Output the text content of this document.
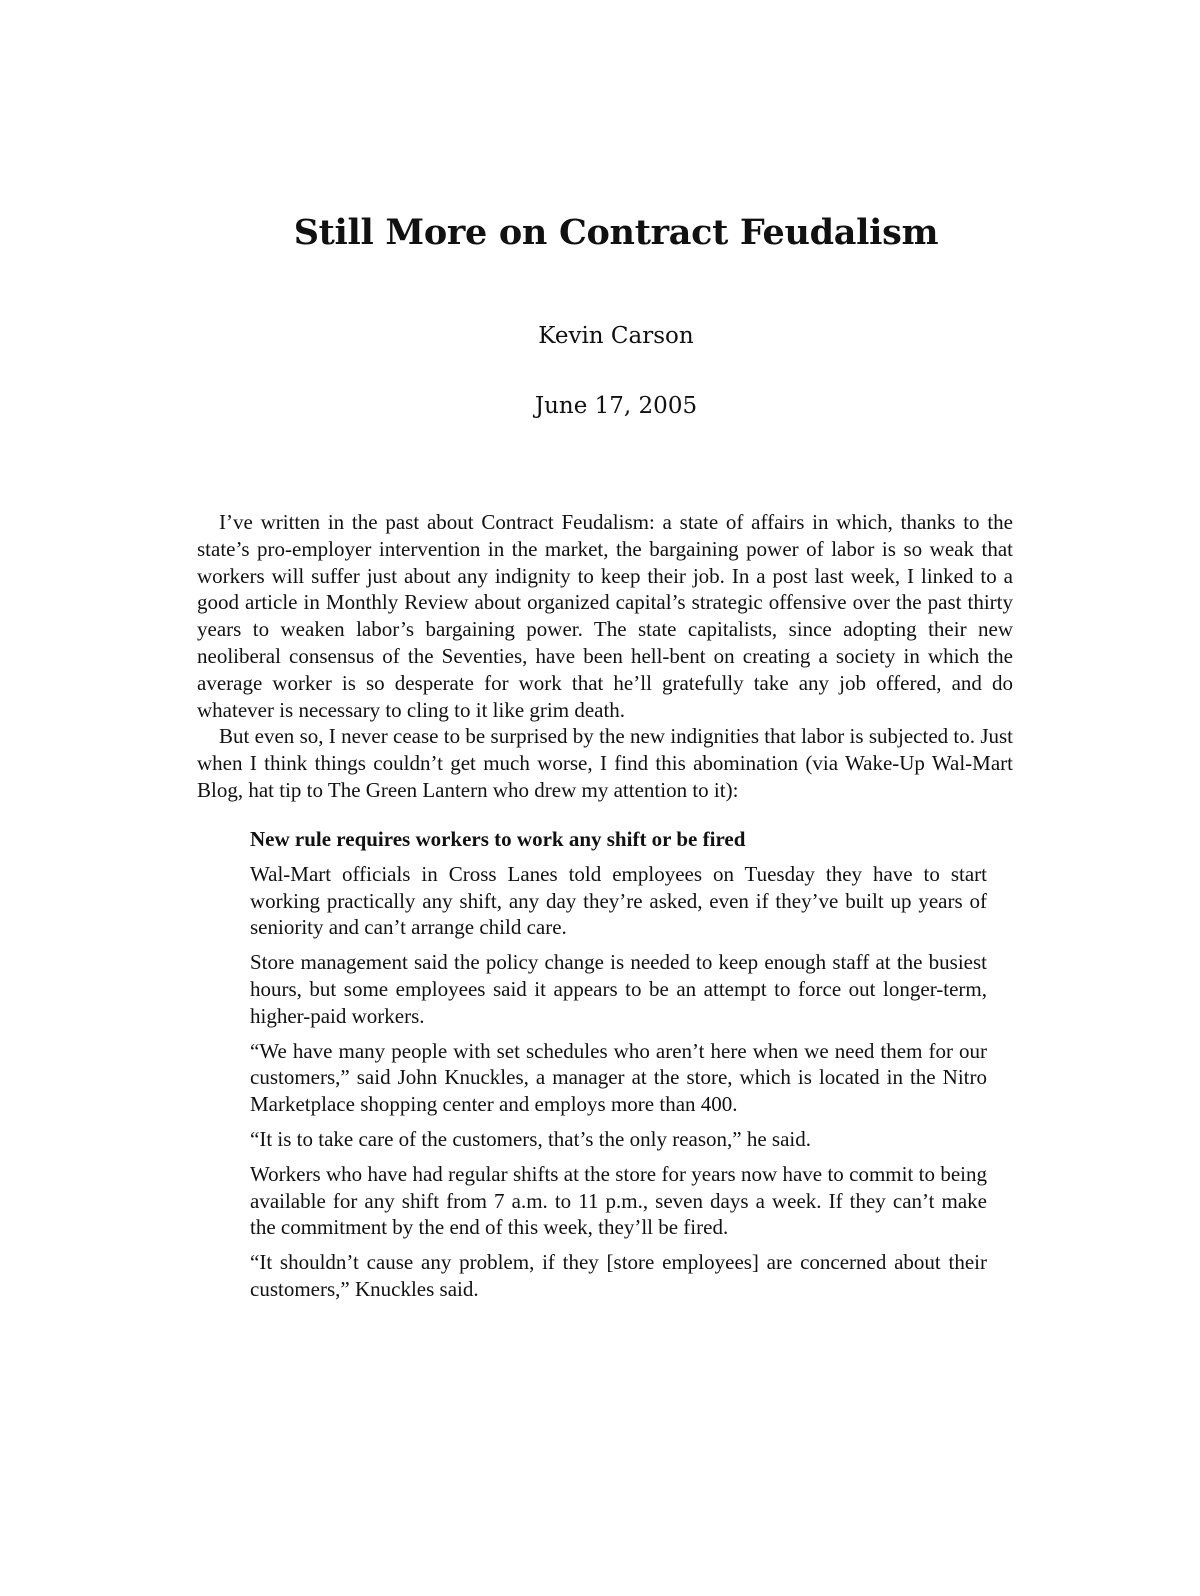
Still More on Contract Feudalism
Kevin Carson
June 17, 2005

I’ve written in the past about Contract Feudalism: a state of affairs in which, thanks to the state’s pro-employer intervention in the market, the bargaining power of labor is so weak that workers will suffer just about any indignity to keep their job. In a post last week, I linked to a good article in Monthly Review about organized capital’s strategic offensive over the past thirty years to weaken labor’s bargaining power. The state capitalists, since adopting their new neoliberal consensus of the Seventies, have been hell-bent on creating a society in which the average worker is so desperate for work that he’ll gratefully take any job offered, and do whatever is necessary to cling to it like grim death.

But even so, I never cease to be surprised by the new indignities that labor is subjected to. Just when I think things couldn’t get much worse, I find this abomination (via Wake-Up Wal-Mart Blog, hat tip to The Green Lantern who drew my attention to it):

New rule requires workers to work any shift or be fired

Wal-Mart officials in Cross Lanes told employees on Tuesday they have to start working practically any shift, any day they’re asked, even if they’ve built up years of seniority and can’t arrange child care.

Store management said the policy change is needed to keep enough staff at the busiest hours, but some employees said it appears to be an attempt to force out longer-term, higher-paid workers.

“We have many people with set schedules who aren’t here when we need them for our customers,” said John Knuckles, a manager at the store, which is located in the Nitro Marketplace shopping center and employs more than 400.

“It is to take care of the customers, that’s the only reason,” he said.

Workers who have had regular shifts at the store for years now have to commit to being available for any shift from 7 a.m. to 11 p.m., seven days a week. If they can’t make the commitment by the end of this week, they’ll be fired.

“It shouldn’t cause any problem, if they [store employees] are concerned about their customers,” Knuckles said.
